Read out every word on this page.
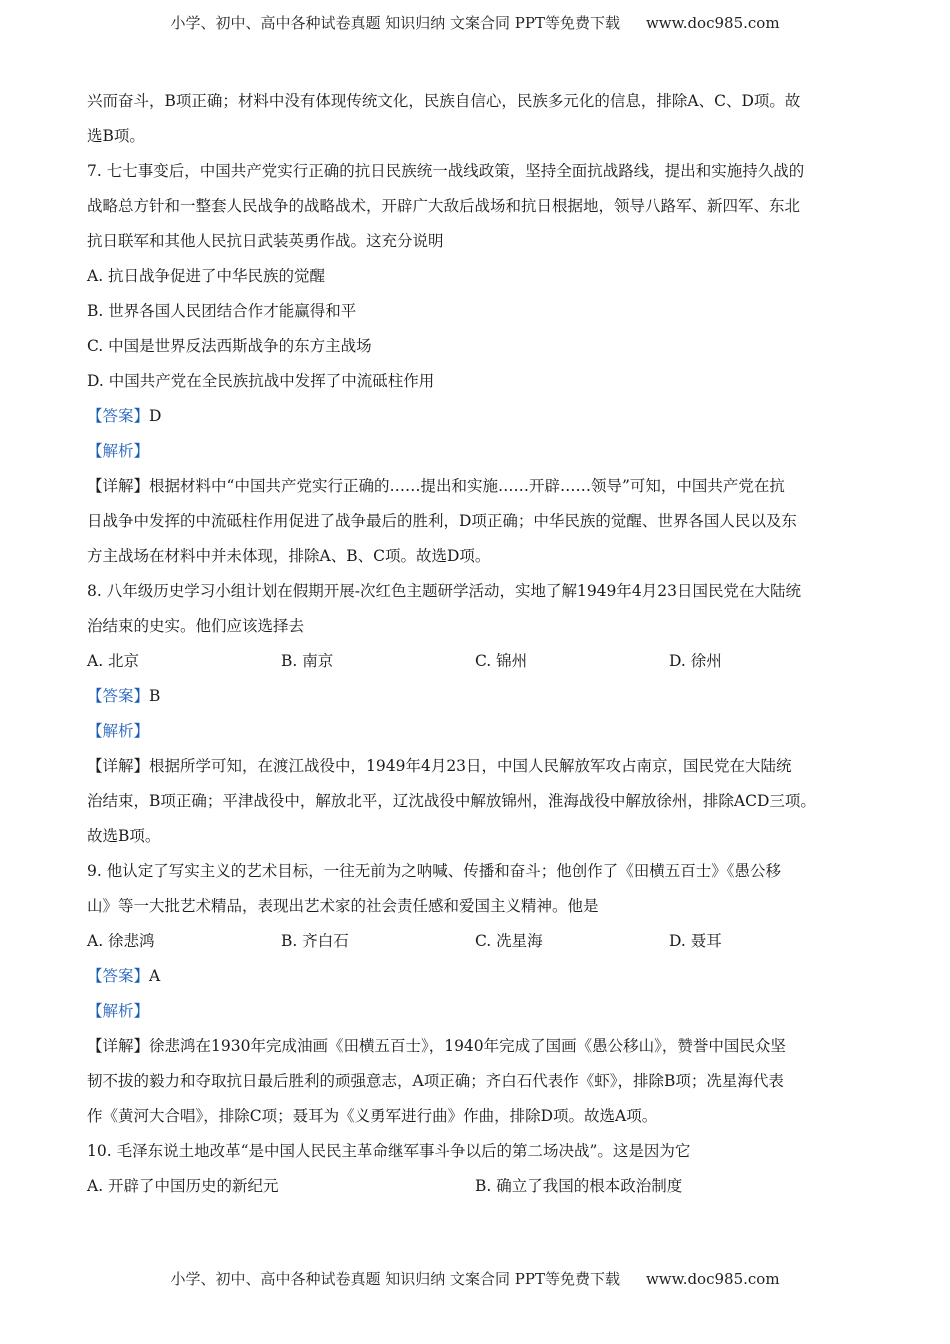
小学、初中、高中各种试卷真题 知识归纳 文案合同 PPT等免费下载 www.doc985.com
兴而奋斗，B项正确；材料中没有体现传统文化，民族自信心，民族多元化的信息，排除A、C、D项。故
选B项。
7. 七七事变后，中国共产党实行正确的抗日民族统一战线政策，坚持全面抗战路线，提出和实施持久战的
战略总方针和一整套人民战争的战略战术，开辟广大敌后战场和抗日根据地，领导八路军、新四军、东北
抗日联军和其他人民抗日武装英勇作战。这充分说明
A. 抗日战争促进了中华民族的觉醒
B. 世界各国人民团结合作才能赢得和平
C. 中国是世界反法西斯战争的东方主战场
D. 中国共产党在全民族抗战中发挥了中流砥柱作用
【答案】D
【解析】
【详解】根据材料中“中国共产党实行正确的……提出和实施……开辟……领导”可知，中国共产党在抗
日战争中发挥的中流砥柱作用促进了战争最后的胜利，D项正确；中华民族的觉醒、世界各国人民以及东
方主战场在材料中并未体现，排除A、B、C项。故选D项。
8. 八年级历史学习小组计划在假期开展-次红色主题研学活动，实地了解1949年4月23日国民党在大陆统
治结束的史实。他们应该选择去
A. 北京	B. 南京	C. 锦州	D. 徐州
【答案】B
【解析】
【详解】根据所学可知，在渡江战役中，1949年4月23日，中国人民解放军攻占南京，国民党在大陆统
治结束，B项正确；平津战役中，解放北平，辽沈战役中解放锦州，淮海战役中解放徐州，排除ACD三项。
故选B项。
9. 他认定了写实主义的艺术目标，一往无前为之呐喊、传播和奋斗；他创作了《田横五百士》《愚公移
山》等一大批艺术精品，表现出艺术家的社会责任感和爱国主义精神。他是
A. 徐悲鸿	B. 齐白石	C. 冼星海	D. 聂耳
【答案】A
【解析】
【详解】徐悲鸿在1930年完成油画《田横五百士》，1940年完成了国画《愚公移山》，赞誉中国民众坚
韧不拔的毅力和夺取抗日最后胜利的顽强意志，A项正确；齐白石代表作《虾》，排除B项；冼星海代表
作《黄河大合唱》，排除C项；聂耳为《义勇军进行曲》作曲，排除D项。故选A项。
10. 毛泽东说土地改革“是中国人民民主革命继军事斗争以后的第二场决战”。这是因为它
A. 开辟了中国历史的新纪元	B. 确立了我国的根本政治制度
小学、初中、高中各种试卷真题 知识归纳 文案合同 PPT等免费下载 www.doc985.com
